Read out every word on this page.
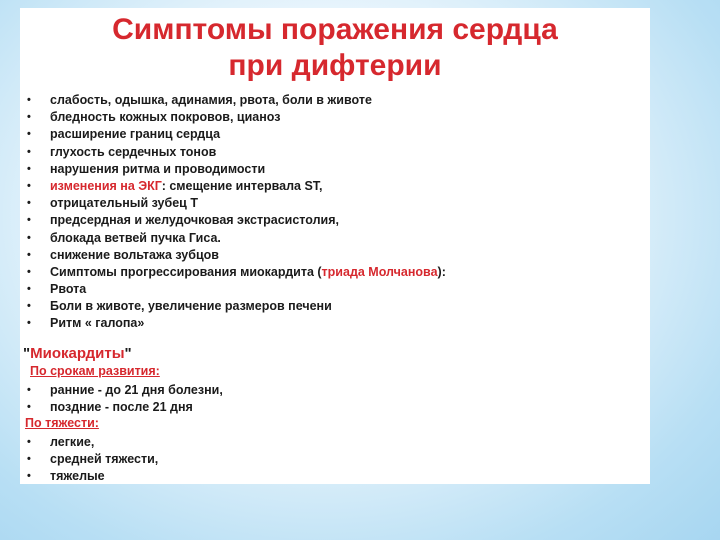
Симптомы поражения сердца
при дифтерии
• слабость, одышка, адинамия, рвота, боли в животе
• бледность кожных покровов, цианоз
• расширение границ сердца
• глухость сердечных тонов
• нарушения ритма и проводимости
• изменения на ЭКГ: смещение интервала ST,
• отрицательный зубец Т
• предсердная и желудочковая экстрасистолия,
• блокада ветвей пучка Гиса.
• снижение вольтажа зубцов
• Симптомы прогрессирования миокардита (триада Молчанова):
• Рвота
• Боли в животе, увеличение размеров печени
• Ритм « галопа»

"Миокардиты"

По срокам развития:

• ранние - до 21 дня болезни,
• поздние - после 21 дня

По тяжести:

• легкие,
• средней тяжести,
• тяжелые
